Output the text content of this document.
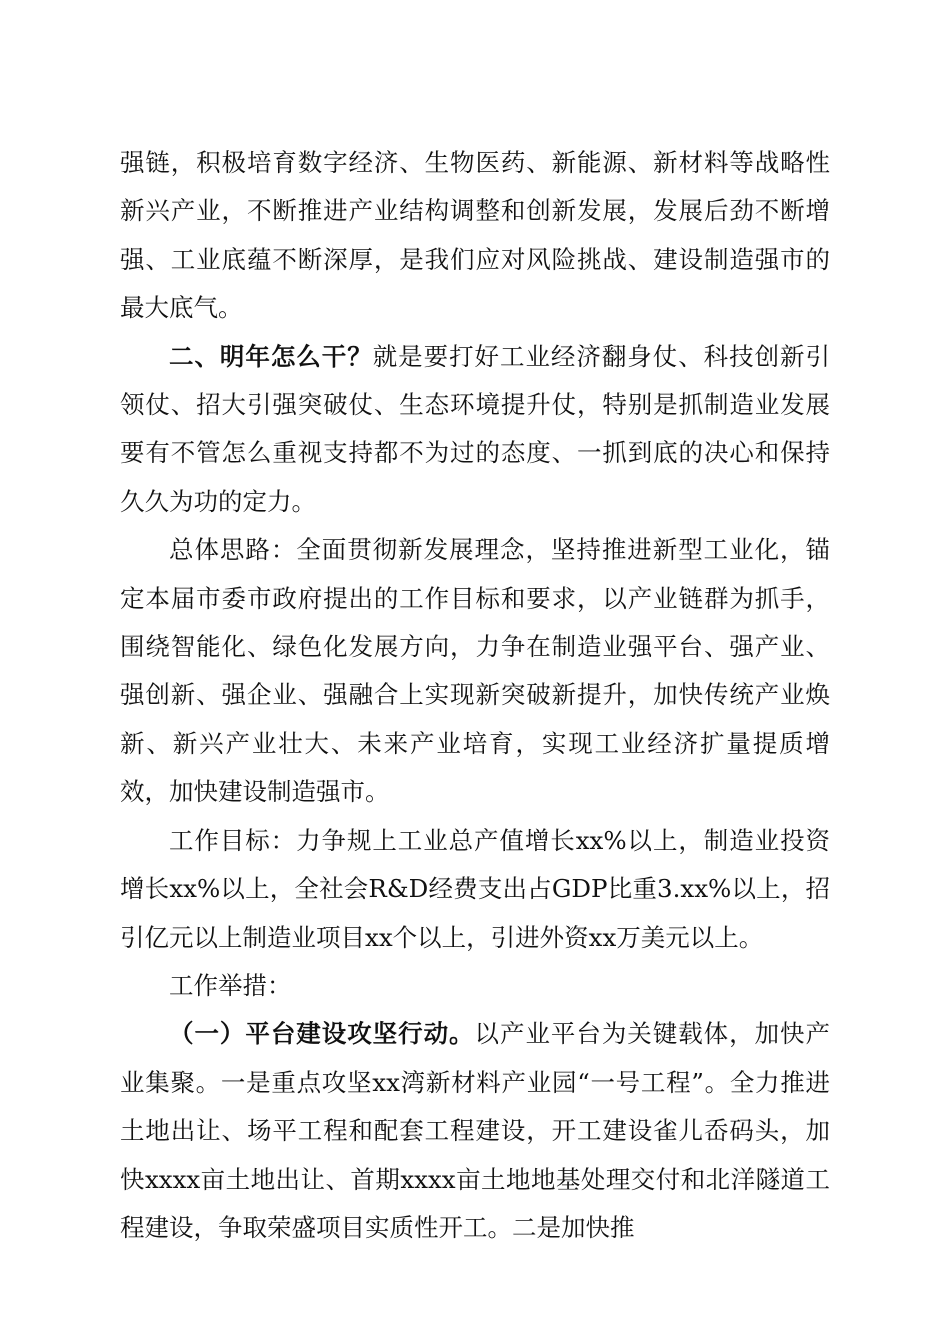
强链，积极培育数字经济、生物医药、新能源、新材料等战略性新兴产业，不断推进产业结构调整和创新发展，发展后劲不断增强、工业底蕴不断深厚，是我们应对风险挑战、建设制造强市的最大底气。

二、明年怎么干？就是要打好工业经济翻身仗、科技创新引领仗、招大引强突破仗、生态环境提升仗，特别是抓制造业发展要有不管怎么重视支持都不为过的态度、一抓到底的决心和保持久久为功的定力。

总体思路：全面贯彻新发展理念，坚持推进新型工业化，锚定本届市委市政府提出的工作目标和要求，以产业链群为抓手，围绕智能化、绿色化发展方向，力争在制造业强平台、强产业、强创新、强企业、强融合上实现新突破新提升，加快传统产业焕新、新兴产业壮大、未来产业培育，实现工业经济扩量提质增效，加快建设制造强市。

工作目标：力争规上工业总产值增长xx%以上，制造业投资增长xx%以上，全社会R&D经费支出占GDP比重3.xx%以上，招引亿元以上制造业项目xx个以上，引进外资xx万美元以上。

工作举措：

（一）平台建设攻坚行动。以产业平台为关键载体，加快产业集聚。一是重点攻坚xx湾新材料产业园“一号工程”。全力推进土地出让、场平工程和配套工程建设，开工建设雀儿岙码头，加快xxxx亩土地出让、首期xxxx亩土地地基处理交付和北洋隧道工程建设，争取荣盛项目实质性开工。二是加快推
